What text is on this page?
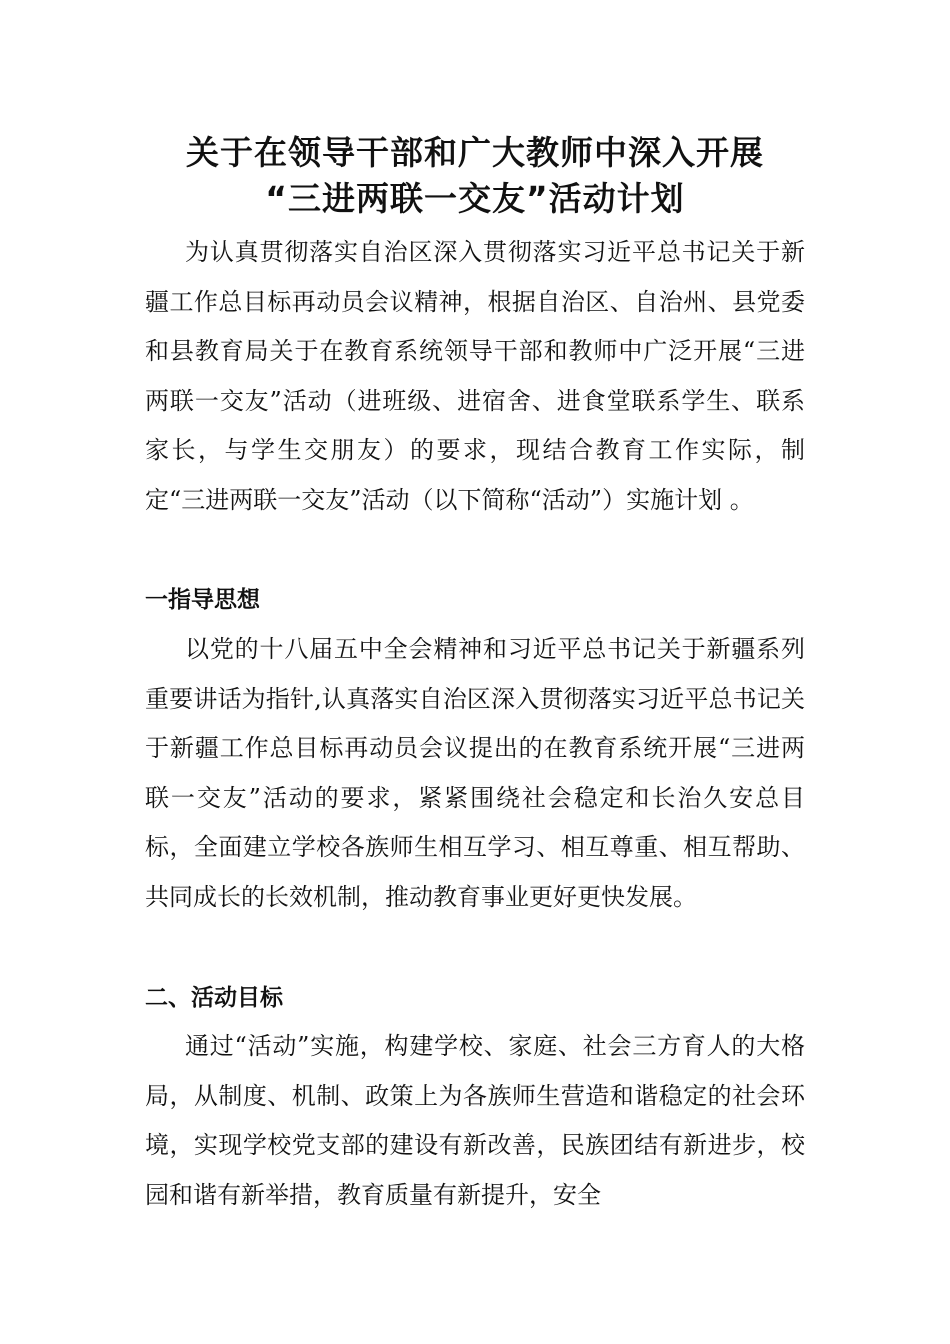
关于在领导干部和广大教师中深入开展
“三进两联一交友”活动计划

为认真贯彻落实自治区深入贯彻落实习近平总书记关于新疆工作总目标再动员会议精神，根据自治区、自治州、县党委和县教育局关于在教育系统领导干部和教师中广泛开展“三进两联一交友”活动（进班级、进宿舍、进食堂联系学生、联系家长，与学生交朋友）的要求，现结合教育工作实际，制定“三进两联一交友”活动（以下简称“活动”）实施计划 。

一指导思想

以党的十八届五中全会精神和习近平总书记关于新疆系列重要讲话为指针,认真落实自治区深入贯彻落实习近平总书记关于新疆工作总目标再动员会议提出的在教育系统开展“三进两联一交友”活动的要求，紧紧围绕社会稳定和长治久安总目标，全面建立学校各族师生相互学习、相互尊重、相互帮助、共同成长的长效机制，推动教育事业更好更快发展。

二、活动目标

通过“活动”实施，构建学校、家庭、社会三方育人的大格局，从制度、机制、政策上为各族师生营造和谐稳定的社会环境，实现学校党支部的建设有新改善，民族团结有新进步，校园和谐有新举措，教育质量有新提升，安全
